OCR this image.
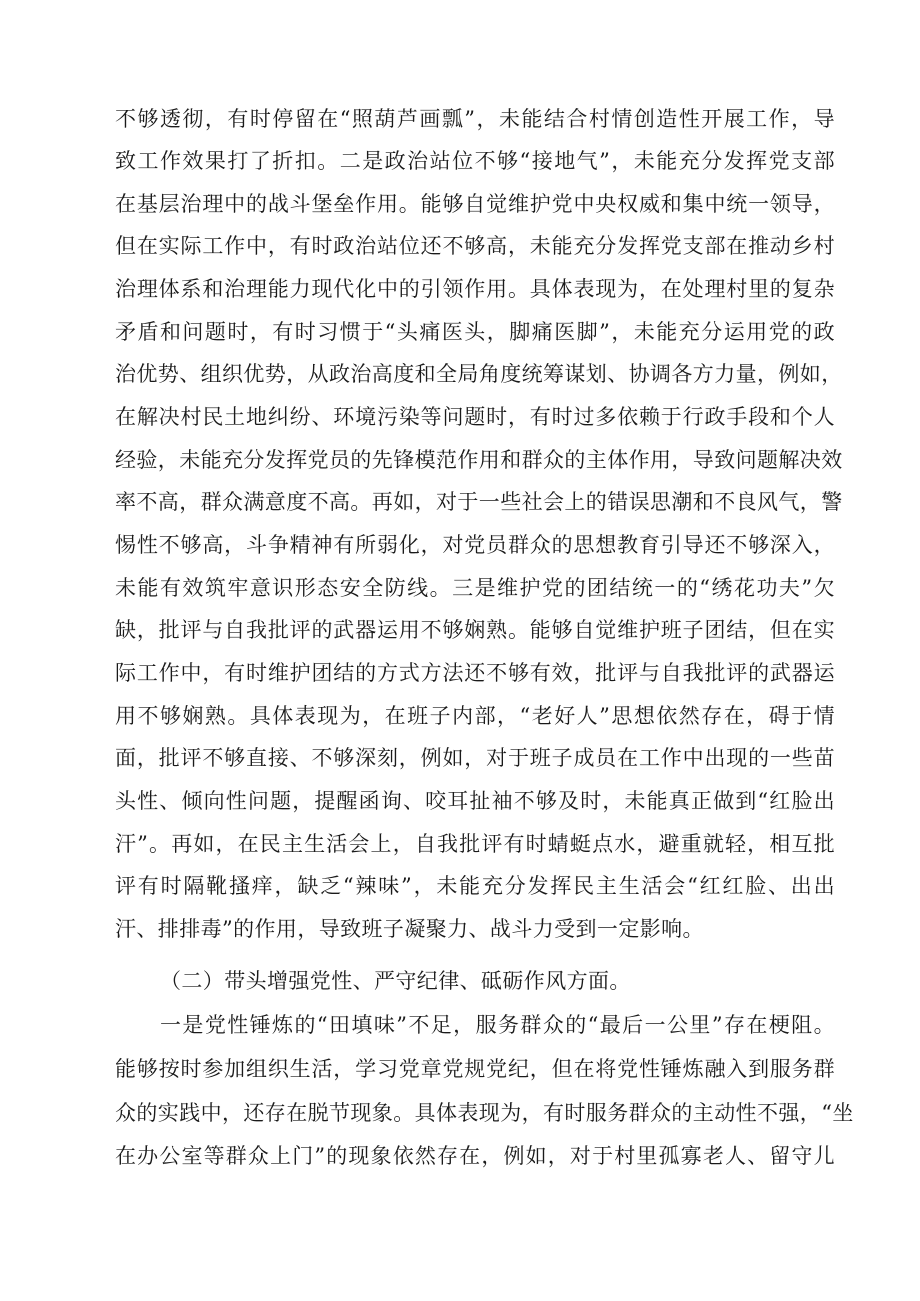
不够透彻，有时停留在“照葫芦画瓢”，未能结合村情创造性开展工作，导
致工作效果打了折扣。二是政治站位不够“接地气”，未能充分发挥党支部
在基层治理中的战斗堡垒作用。能够自觉维护党中央权威和集中统一领导，
但在实际工作中，有时政治站位还不够高，未能充分发挥党支部在推动乡村
治理体系和治理能力现代化中的引领作用。具体表现为，在处理村里的复杂
矛盾和问题时，有时习惯于“头痛医头，脚痛医脚”，未能充分运用党的政
治优势、组织优势，从政治高度和全局角度统筹谋划、协调各方力量，例如，
在解决村民土地纠纷、环境污染等问题时，有时过多依赖于行政手段和个人
经验，未能充分发挥党员的先锋模范作用和群众的主体作用，导致问题解决效
率不高，群众满意度不高。再如，对于一些社会上的错误思潮和不良风气，警
惕性不够高，斗争精神有所弱化，对党员群众的思想教育引导还不够深入，
未能有效筑牢意识形态安全防线。三是维护党的团结统一的“绣花功夫”欠
缺，批评与自我批评的武器运用不够娴熟。能够自觉维护班子团结，但在实
际工作中，有时维护团结的方式方法还不够有效，批评与自我批评的武器运
用不够娴熟。具体表现为，在班子内部，“老好人”思想依然存在，碍于情
面，批评不够直接、不够深刻，例如，对于班子成员在工作中出现的一些苗
头性、倾向性问题，提醒函询、咬耳扯袖不够及时，未能真正做到“红脸出
汗”。再如，在民主生活会上，自我批评有时蜻蜓点水，避重就轻，相互批
评有时隔靴搔痒，缺乏“辣味”，未能充分发挥民主生活会“红红脸、出出
汗、排排毒”的作用，导致班子凝聚力、战斗力受到一定影响。
（二）带头增强党性、严守纪律、砥砺作风方面。
一是党性锤炼的“田填味”不足，服务群众的“最后一公里”存在梗阻。
能够按时参加组织生活，学习党章党规党纪，但在将党性锤炼融入到服务群
众的实践中，还存在脱节现象。具体表现为，有时服务群众的主动性不强，“坐
在办公室等群众上门”的现象依然存在，例如，对于村里孤寡老人、留守儿
